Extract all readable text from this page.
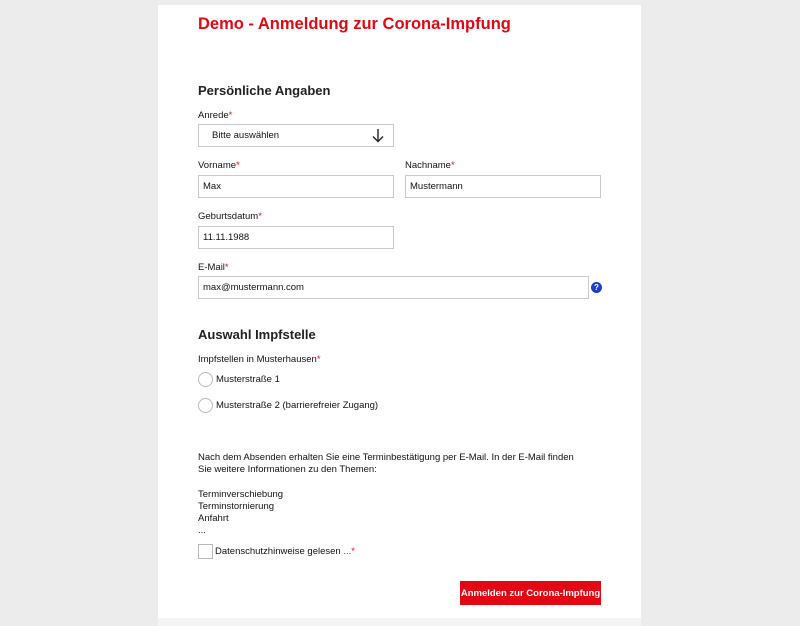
Demo - Anmeldung zur Corona-Impfung
Persönliche Angaben
Anrede*
Bitte auswählen
Vorname*	Nachname*
Max	Mustermann
Geburtsdatum*
11.11.1988
E-Mail*
max@mustermann.com	?
Auswahl Impfstelle
Impfstellen in Musterhausen*
Musterstraße 1
Musterstraße 2 (barrierefreier Zugang)

Nach dem Absenden erhalten Sie eine Terminbestätigung per E-Mail. In der E-Mail finden Sie weitere Informationen zu den Themen:

Terminverschiebung
Terminstornierung
Anfahrt
...
Datenschutzhinweise gelesen ...*
Anmelden zur Corona-Impfung
